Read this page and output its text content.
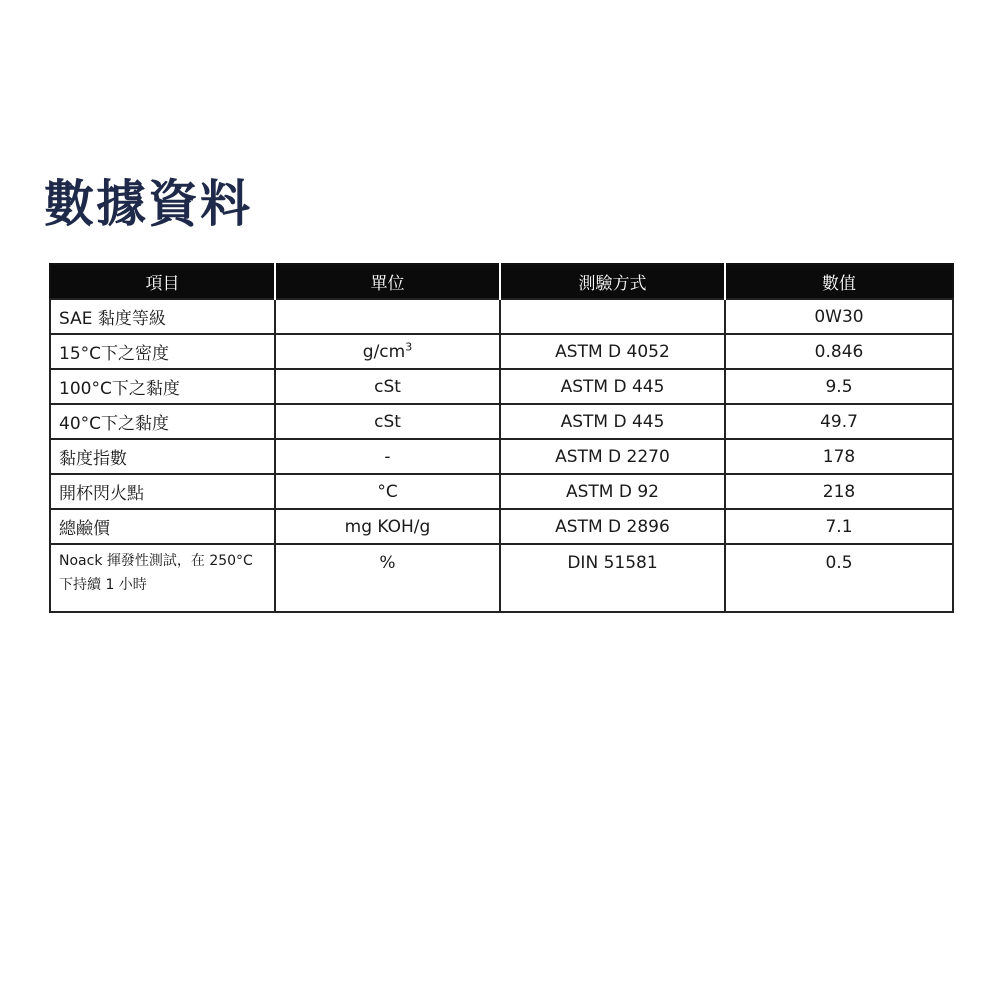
數據資料
項目	單位	測驗方式	數值

SAE 黏度等級			0W30

15°C下之密度	$g/cm^3$	ASTM D 4052	0.846

100°C下之黏度	cSt	ASTM D 445	9.5

40°C下之黏度	cSt	ASTM D 445	49.7

黏度指數	-	ASTM D 2270	178

開杯閃火點	°C	ASTM D 92	218

總鹼價	mg KOH/g	ASTM D 2896	7.1

Noack 揮發性測試，在 250°C
下持續 1 小時	%	DIN 51581	0.5
